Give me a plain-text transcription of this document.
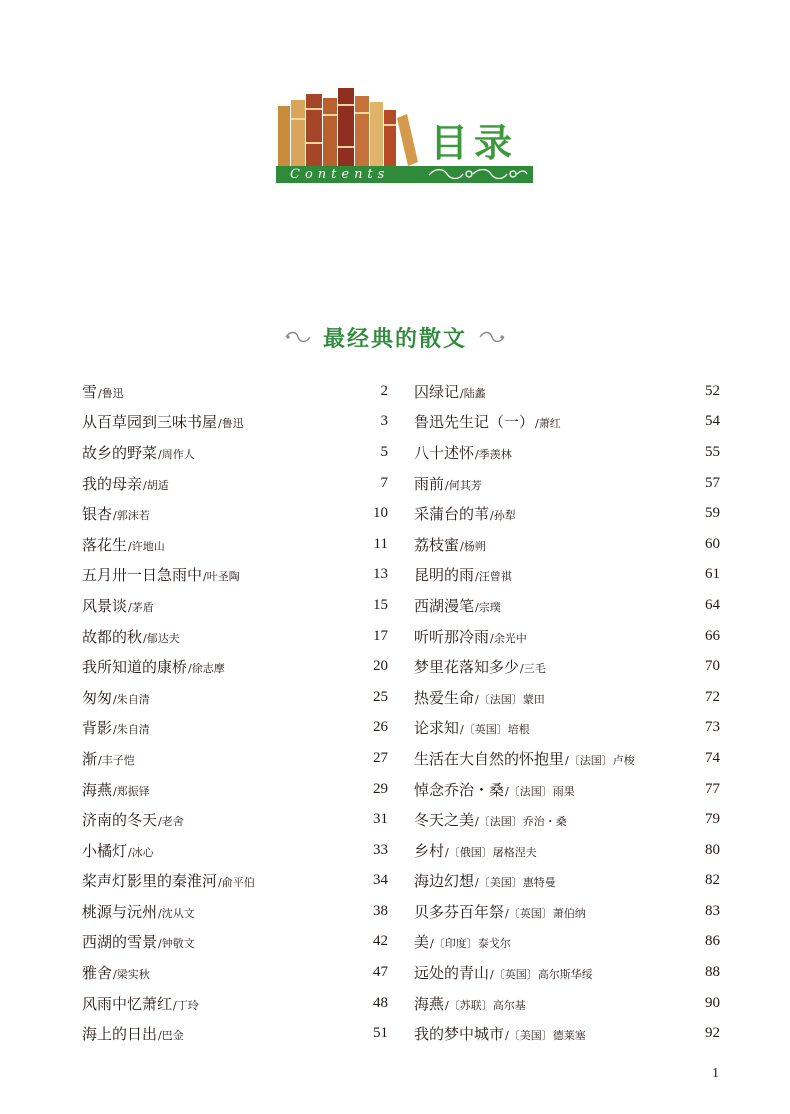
目录
Contents
最经典的散文
雪/鲁迅	2
从百草园到三味书屋/鲁迅	3
故乡的野菜/周作人	5
我的母亲/胡适	7
银杏/郭沫若	10
落花生/许地山	11
五月卅一日急雨中/叶圣陶	13
风景谈/茅盾	15
故都的秋/郁达夫	17
我所知道的康桥/徐志摩	20
匆匆/朱自清	25
背影/朱自清	26
渐/丰子恺	27
海燕/郑振铎	29
济南的冬天/老舍	31
小橘灯/冰心	33
桨声灯影里的秦淮河/俞平伯	34
桃源与沅州/沈从文	38
西湖的雪景/钟敬文	42
雅舍/梁实秋	47
风雨中忆萧红/丁玲	48
海上的日出/巴金	51
囚绿记/陆蠡	52
鲁迅先生记（一）/萧红	54
八十述怀/季羡林	55
雨前/何其芳	57
采蒲台的苇/孙犁	59
荔枝蜜/杨朔	60
昆明的雨/汪曾祺	61
西湖漫笔/宗璞	64
听听那冷雨/余光中	66
梦里花落知多少/三毛	70
热爱生命/〔法国〕蒙田	72
论求知/〔英国〕培根	73
生活在大自然的怀抱里/〔法国〕卢梭	74
悼念乔治・桑/〔法国〕雨果	77
冬天之美/〔法国〕乔治・桑	79
乡村/〔俄国〕屠格涅夫	80
海边幻想/〔美国〕惠特曼	82
贝多芬百年祭/〔英国〕萧伯纳	83
美/〔印度〕泰戈尔	86
远处的青山/〔英国〕高尔斯华绥	88
海燕/〔苏联〕高尔基	90
我的梦中城市/〔美国〕德莱塞	92
1
